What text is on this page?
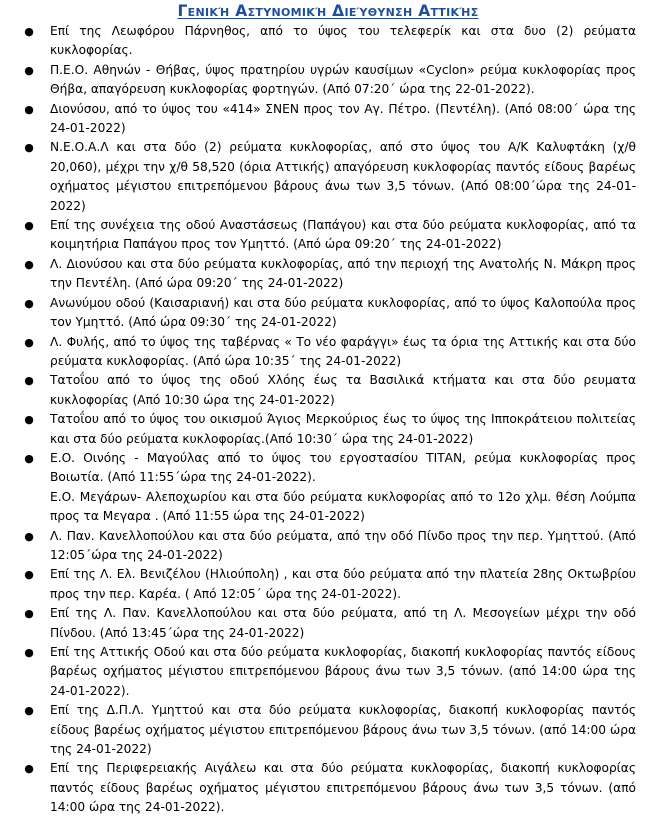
Γενική Αστυνομική Διεύθυνση Αττικής
●	Επί της Λεωφόρου Πάρνηθος, από το ύψος του τελεφερίκ και στα δυο (2) ρεύματα κυκλοφορίας.
●	Π.Ε.Ο. Αθηνών - Θήβας, ύψος πρατηρίου υγρών καυσίμων «Cyclon» ρεύμα κυκλοφορίας προς Θήβα, απαγόρευση κυκλοφορίας φορτηγών. (Από 07:20΄ ώρα της 22-01-2022).
●	Διονύσου, από το ύψος του «414» ΣΝΕΝ προς τον Αγ. Πέτρο. (Πεντέλη). (Από 08:00΄ ώρα της 24-01-2022)
●	Ν.Ε.Ο.Α.Λ και στα δύο (2) ρεύματα κυκλοφορίας, από στο ύψος του Α/Κ Καλυφτάκη (χ/θ 20,060), μέχρι την χ/θ 58,520 (όρια Αττικής) απαγόρευση κυκλοφορίας παντός είδους βαρέως οχήματος μέγιστου επιτρεπόμενου βάρους άνω των 3,5 τόνων. (Από 08:00΄ώρα της 24-01-2022)
●	Επί της συνέχεια της οδού Αναστάσεως (Παπάγου) και στα δύο ρεύματα κυκλοφορίας, από τα κοιμητήρια Παπάγου προς τον Υμηττό. (Από ώρα 09:20΄ της 24-01-2022)
●	Λ. Διονύσου και στα δύο ρεύματα κυκλοφορίας, από την περιοχή της Ανατολής Ν. Μάκρη προς την Πεντέλη. (Από ώρα 09:20΄ της 24-01-2022)
●	Ανωνύμου οδού (Καισαριανή) και στα δύο ρεύματα κυκλοφορίας, από το ύψος Καλοπούλα προς τον Υμηττό. (Από ώρα 09:30΄ της 24-01-2022)
●	Λ. Φυλής, από το ύψος της ταβέρνας « Το νέο φαράγγι» έως τα όρια της Αττικής και στα δύο ρεύματα κυκλοφορίας. (Από ώρα 10:35΄ της 24-01-2022)
●	Τατοΐου από το ύψος της οδού Χλόης έως τα Βασιλικά κτήματα και στα δύο ρευματα κυκλοφορίας (Από 10:30 ώρα της 24-01-2022)
●	Τατοΐου από το ύψος του οικισμού Άγιος Μερκούριος έως το ύψος της Ιπποκράτειου πολιτείας και στα δύο ρεύματα κυκλοφορίας.(Από 10:30΄ ώρα της 24-01-2022)
●	Ε.Ο. Οινόης - Μαγούλας από το ύψος του εργοστασίου ΤΙΤΑΝ, ρεύμα κυκλοφορίας προς Βοιωτία. (Από 11:55΄ώρα της 24-01-2022).
Ε.Ο. Μεγάρων- Αλεποχωρίου και στα δύο ρεύματα κυκλοφορίας από το 12ο χλμ. θέση Λούμπα προς τα Μεγαρα . (Από 11:55 ώρα της 24-01-2022)
●	Λ. Παν. Κανελλοπούλου και στα δύο ρεύματα, από την οδό Πίνδο προς την περ. Υμηττού. (Από 12:05΄ώρα της 24-01-2022)
●	Επί της Λ. Ελ. Βενιζέλου (Ηλιούπολη) , και στα δύο ρεύματα από την πλατεία 28ης Οκτωβρίου προς την περ. Καρέα. ( Από 12:05΄ ώρα της 24-01-2022).
●	Επί της Λ. Παν. Κανελλοπούλου και στα δύο ρεύματα, από τη Λ. Μεσογείων μέχρι την οδό Πίνδου. (Από 13:45΄ώρα της 24-01-2022)
●	Επί της Αττικής Οδού και στα δύο ρεύματα κυκλοφορίας, διακοπή κυκλοφορίας παντός είδους βαρέως οχήματος μέγιστου επιτρεπόμενου βάρους άνω των 3,5 τόνων. (από 14:00 ώρα της 24-01-2022).
●	Επί της Δ.Π.Λ. Υμηττού και στα δύο ρεύματα κυκλοφορίας, διακοπή κυκλοφορίας παντός είδους βαρέως οχήματος μέγιστου επιτρεπόμενου βάρους άνω των 3,5 τόνων. (από 14:00 ώρα της 24-01-2022)
●	Επί της Περιφερειακής Αιγάλεω και στα δύο ρεύματα κυκλοφορίας, διακοπή κυκλοφορίας παντός είδους βαρέως οχήματος μέγιστου επιτρεπόμενου βάρους άνω των 3,5 τόνων. (από 14:00 ώρα της 24-01-2022).
